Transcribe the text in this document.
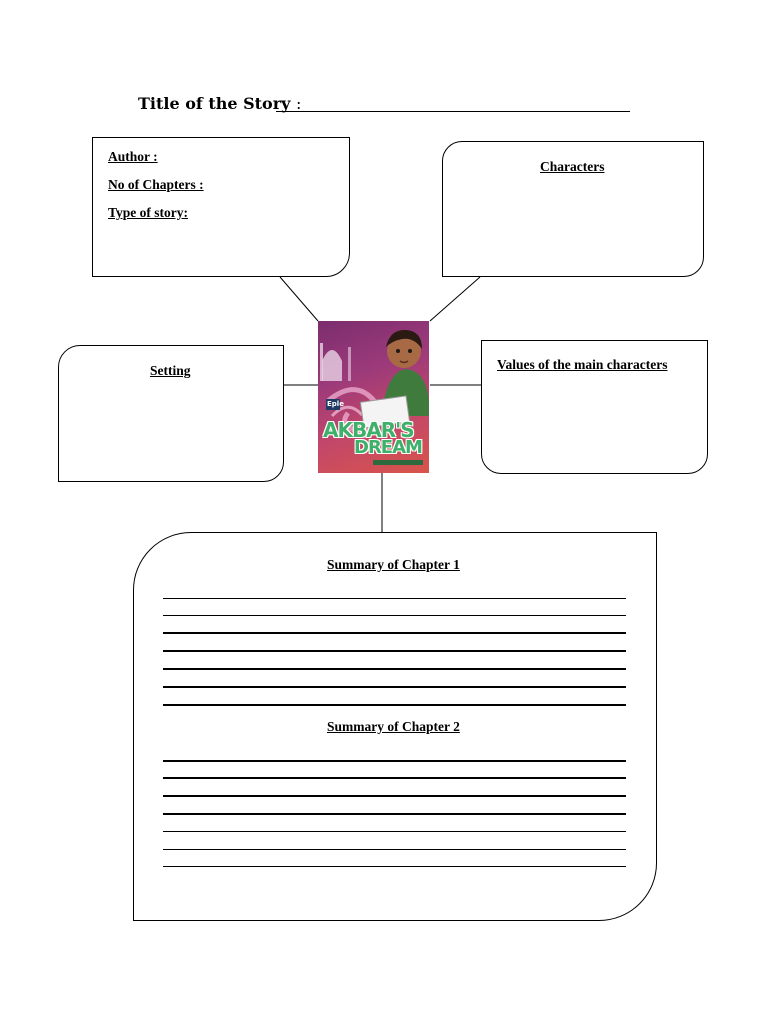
Title of the Story :
Author :
No of Chapters :
Type of story:
Characters
Setting	Values of the main characters
Eple
AKBAR'S
DREAM
Summary of Chapter 1
Summary of Chapter 2
